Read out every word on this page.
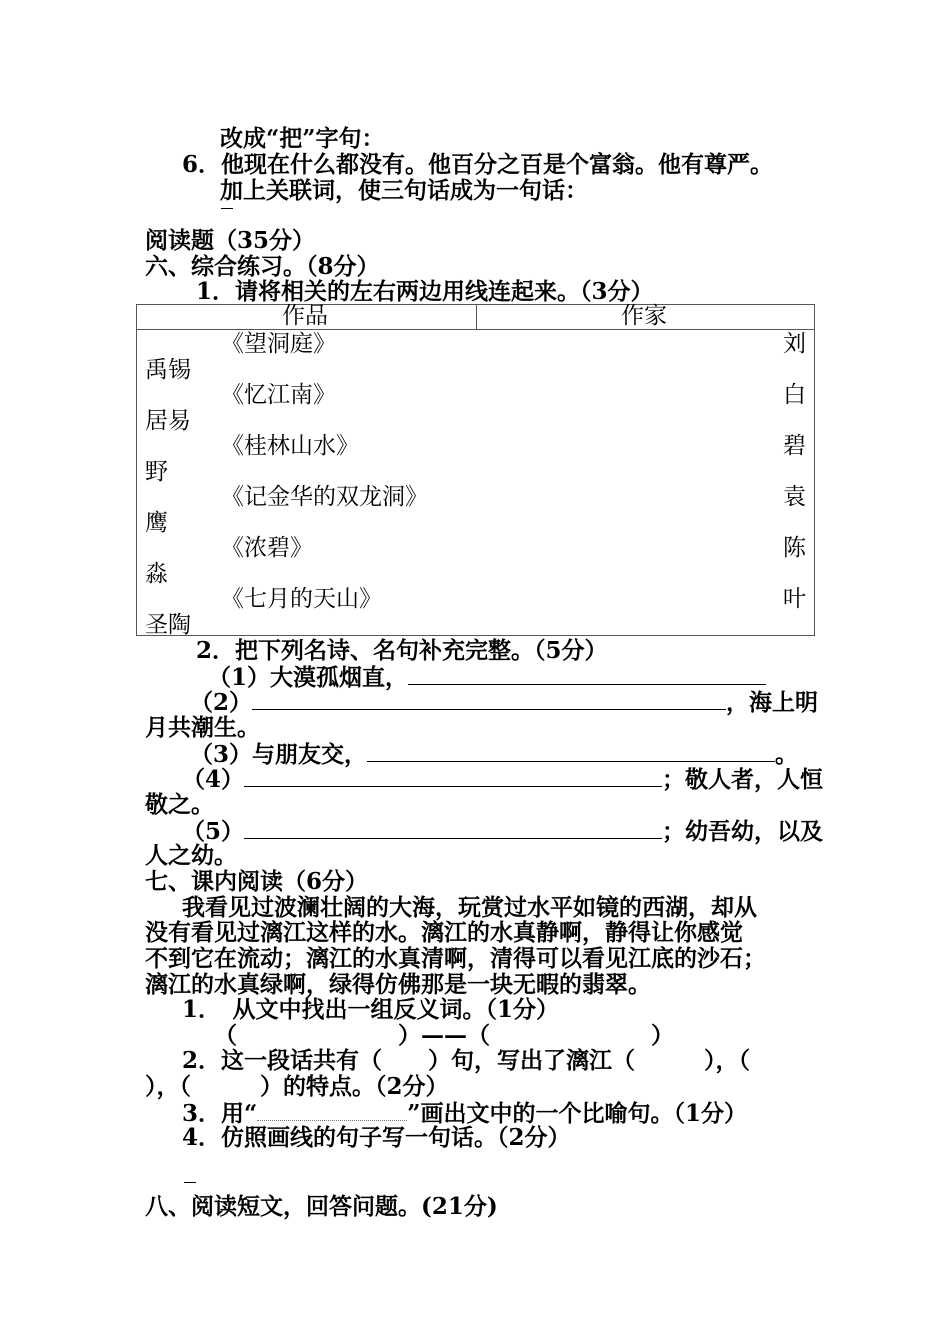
改成“把”字句：
6．他现在什么都没有。他百分之百是个富翁。他有尊严。
加上关联词，使三句话成为一句话：
阅读题（35分）
六、综合练习。（8分）
1．请将相关的左右两边用线连起来。（3分）
作品	作家
《望洞庭》	刘
禹锡
《忆江南》	白
居易
《桂林山水》	碧
野
《记金华的双龙洞》	袁
鹰
《浓碧》	陈
淼
《七月的天山》	叶
圣陶
2．把下列名诗、名句补充完整。（5分）
（1）大漠孤烟直，
（2）	，海上明
月共潮生。
（3）与朋友交，	。
（4）	；敬人者，人恒
敬之。
（5）	；幼吾幼，以及
人之幼。
七、课内阅读（6分）
我看见过波澜壮阔的大海，玩赏过水平如镜的西湖，却从
没有看见过漓江这样的水。漓江的水真静啊，静得让你感觉
不到它在流动；漓江的水真清啊，清得可以看见江底的沙石；
漓江的水真绿啊，绿得仿佛那是一块无暇的翡翠。
1．　从文中找出一组反义词。（1分）
（　　　　　　　）——（　　　　　　　）
2．这一段话共有（　　）句，写出了漓江（　　　），（
），（　　　）的特点。（2分）
3．用“	”画出文中的一个比喻句。（1分）
4．仿照画线的句子写一句话。（2分）
八、阅读短文，回答问题。(21分)
